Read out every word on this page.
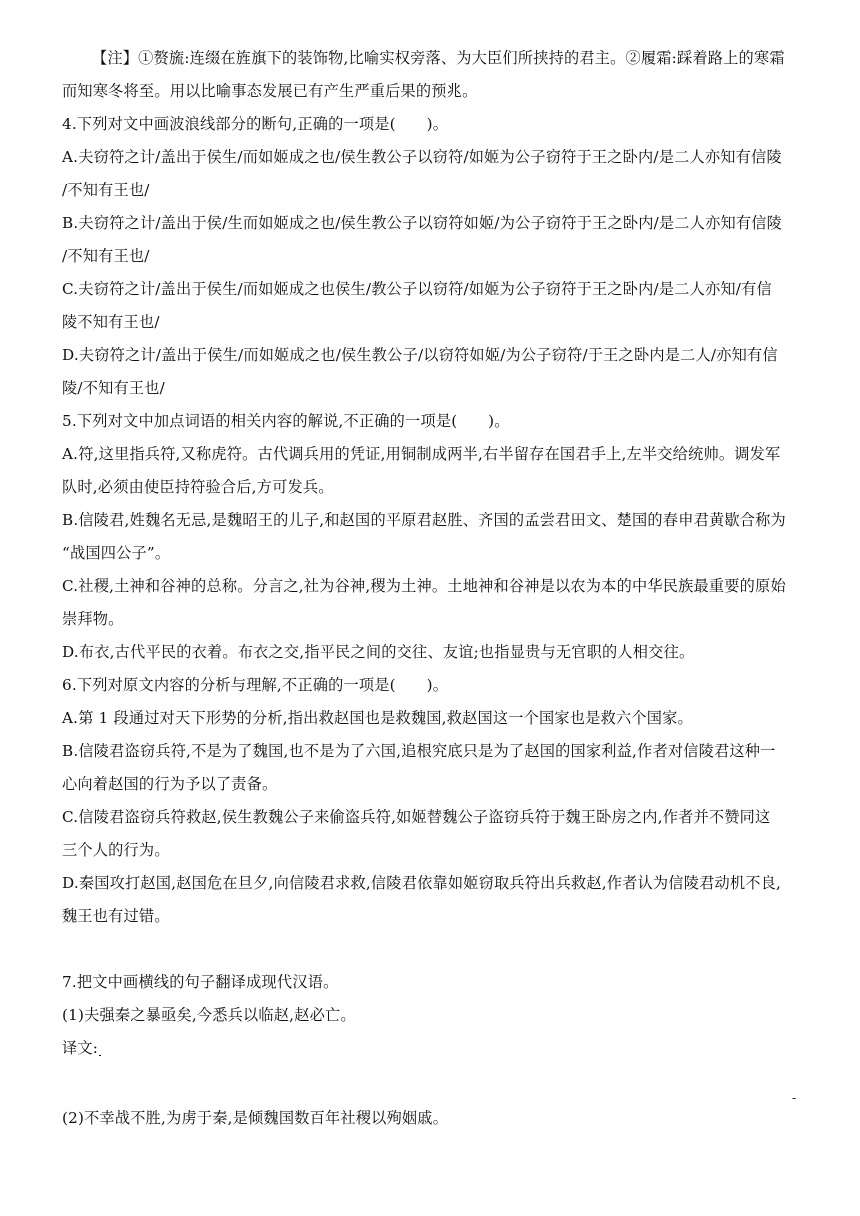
【注】①赘旒:连缀在旌旗下的装饰物,比喻实权旁落、为大臣们所挟持的君主。②履霜:踩着路上的寒霜
而知寒冬将至。用以比喻事态发展已有产生严重后果的预兆。
4.下列对文中画波浪线部分的断句,正确的一项是(　　)。
A.夫窃符之计/盖出于侯生/而如姬成之也/侯生教公子以窃符/如姬为公子窃符于王之卧内/是二人亦知有信陵
/不知有王也/
B.夫窃符之计/盖出于侯/生而如姬成之也/侯生教公子以窃符如姬/为公子窃符于王之卧内/是二人亦知有信陵
/不知有王也/
C.夫窃符之计/盖出于侯生/而如姬成之也侯生/教公子以窃符/如姬为公子窃符于王之卧内/是二人亦知/有信
陵不知有王也/
D.夫窃符之计/盖出于侯生/而如姬成之也/侯生教公子/以窃符如姬/为公子窃符/于王之卧内是二人/亦知有信
陵/不知有王也/
5.下列对文中加点词语的相关内容的解说,不正确的一项是(　　)。
A.符,这里指兵符,又称虎符。古代调兵用的凭证,用铜制成两半,右半留存在国君手上,左半交给统帅。调发军
队时,必须由使臣持符验合后,方可发兵。
B.信陵君,姓魏名无忌,是魏昭王的儿子,和赵国的平原君赵胜、齐国的孟尝君田文、楚国的春申君黄歇合称为
“战国四公子”。
C.社稷,土神和谷神的总称。分言之,社为谷神,稷为土神。土地神和谷神是以农为本的中华民族最重要的原始
崇拜物。
D.布衣,古代平民的衣着。布衣之交,指平民之间的交往、友谊;也指显贵与无官职的人相交往。
6.下列对原文内容的分析与理解,不正确的一项是(　　)。
A.第 1 段通过对天下形势的分析,指出救赵国也是救魏国,救赵国这一个国家也是救六个国家。
B.信陵君盗窃兵符,不是为了魏国,也不是为了六国,追根究底只是为了赵国的国家利益,作者对信陵君这种一
心向着赵国的行为予以了责备。
C.信陵君盗窃兵符救赵,侯生教魏公子来偷盗兵符,如姬替魏公子盗窃兵符于魏王卧房之内,作者并不赞同这
三个人的行为。
D.秦国攻打赵国,赵国危在旦夕,向信陵君求救,信陵君依靠如姬窃取兵符出兵救赵,作者认为信陵君动机不良,
魏王也有过错。
7.把文中画横线的句子翻译成现代汉语。
(1)夫强秦之暴亟矣,今悉兵以临赵,赵必亡。
译文:
-
(2)不幸战不胜,为虏于秦,是倾魏国数百年社稷以殉姻戚。
